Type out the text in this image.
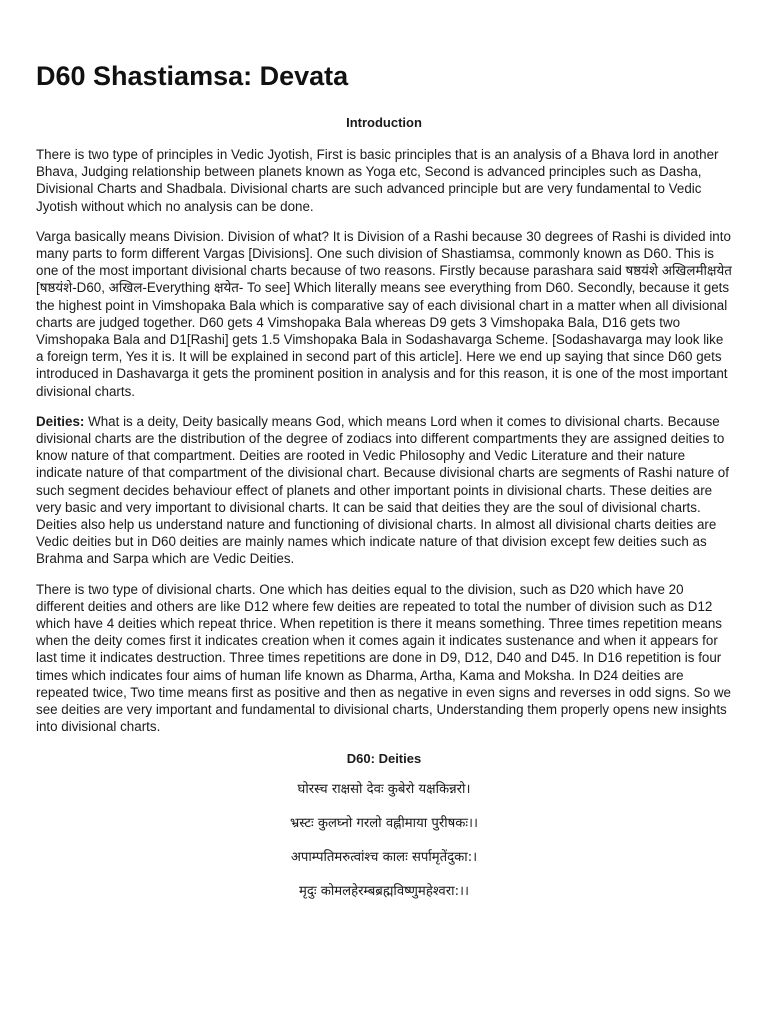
D60 Shastiamsa: Devata

Introduction

There is two type of principles in Vedic Jyotish, First is basic principles that is an analysis of a Bhava lord in another Bhava, Judging relationship between planets known as Yoga etc, Second is advanced principles such as Dasha, Divisional Charts and Shadbala. Divisional charts are such advanced principle but are very fundamental to Vedic Jyotish without which no analysis can be done.

Varga basically means Division. Division of what? It is Division of a Rashi because 30 degrees of Rashi is divided into many parts to form different Vargas [Divisions]. One such division of Shastiamsa, commonly known as D60. This is one of the most important divisional charts because of two reasons. Firstly because parashara said षष्ठयंशे अखिलमीक्षयेत [षष्ठयंशे-D60, अखिल-Everything क्षयेत- To see] Which literally means see everything from D60. Secondly, because it gets the highest point in Vimshopaka Bala which is comparative say of each divisional chart in a matter when all divisional charts are judged together. D60 gets 4 Vimshopaka Bala whereas D9 gets 3 Vimshopaka Bala, D16 gets two Vimshopaka Bala and D1[Rashi] gets 1.5 Vimshopaka Bala in Sodashavarga Scheme. [Sodashavarga may look like a foreign term, Yes it is. It will be explained in second part of this article]. Here we end up saying that since D60 gets introduced in Dashavarga it gets the prominent position in analysis and for this reason, it is one of the most important divisional charts.

Deities: What is a deity, Deity basically means God, which means Lord when it comes to divisional charts. Because divisional charts are the distribution of the degree of zodiacs into different compartments they are assigned deities to know nature of that compartment. Deities are rooted in Vedic Philosophy and Vedic Literature and their nature indicate nature of that compartment of the divisional chart. Because divisional charts are segments of Rashi nature of such segment decides behaviour effect of planets and other important points in divisional charts. These deities are very basic and very important to divisional charts. It can be said that deities they are the soul of divisional charts. Deities also help us understand nature and functioning of divisional charts. In almost all divisional charts deities are Vedic deities but in D60 deities are mainly names which indicate nature of that division except few deities such as Brahma and Sarpa which are Vedic Deities.

There is two type of divisional charts. One which has deities equal to the division, such as D20 which have 20 different deities and others are like D12 where few deities are repeated to total the number of division such as D12 which have 4 deities which repeat thrice. When repetition is there it means something. Three times repetition means when the deity comes first it indicates creation when it comes again it indicates sustenance and when it appears for last time it indicates destruction. Three times repetitions are done in D9, D12, D40 and D45. In D16 repetition is four times which indicates four aims of human life known as Dharma, Artha, Kama and Moksha. In D24 deities are repeated twice, Two time means first as positive and then as negative in even signs and reverses in odd signs. So we see deities are very important and fundamental to divisional charts, Understanding them properly opens new insights into divisional charts.

D60: Deities

घोरस्च राक्षसो देवः कुबेरो यक्षकिन्नरो।

भ्रस्टः कुलघ्नो गरलो वह्नीमाया पुरीषकः।।

अपाम्पतिमरुत्वांश्च कालः सर्पामृतेंदुका:।

मृदुः कोमलहेरम्बब्रह्मविष्णुमहेश्वरा:।।
